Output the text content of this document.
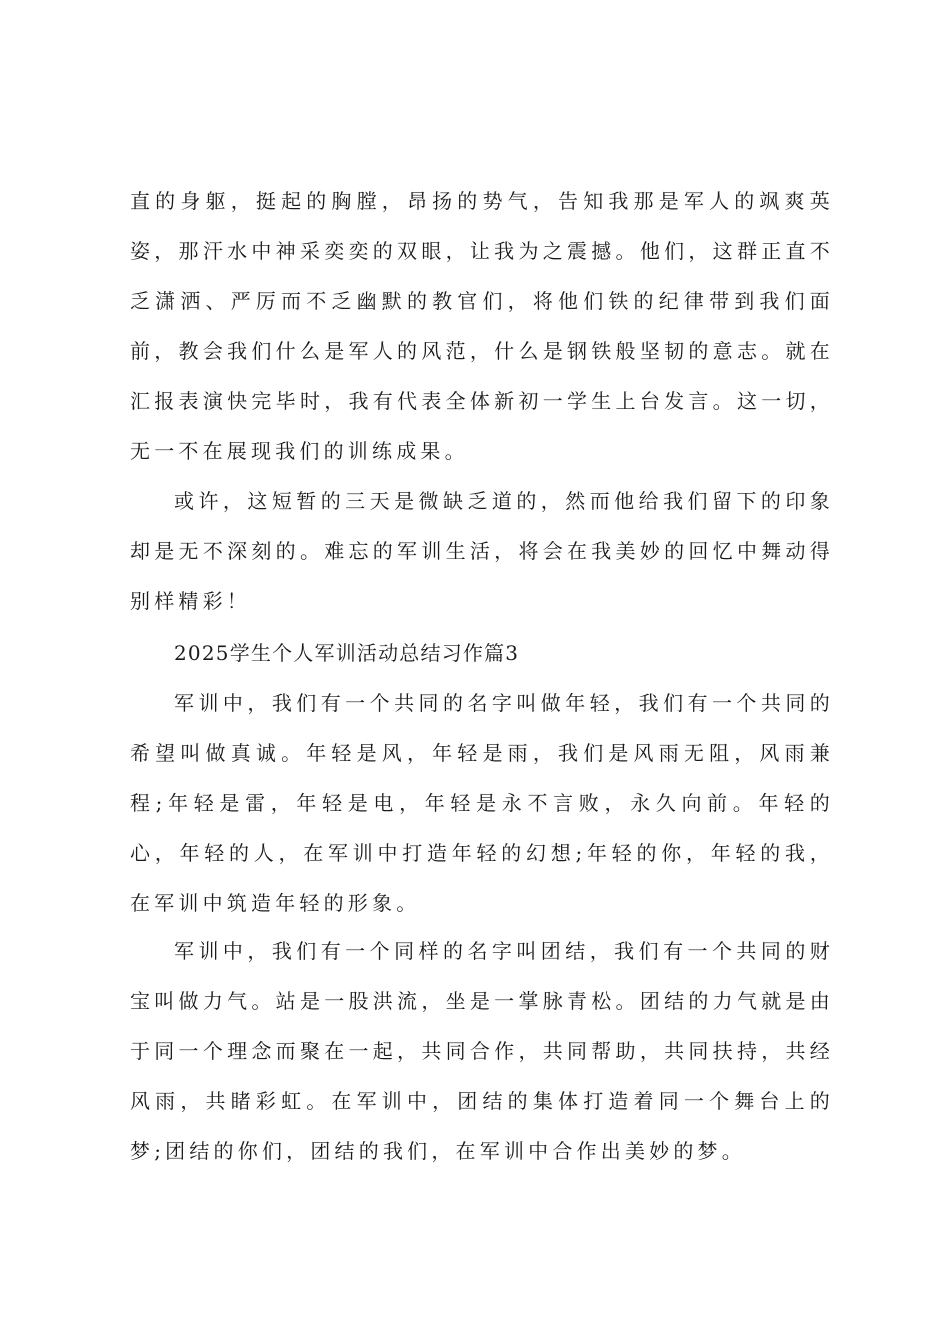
直的身躯，挺起的胸膛，昂扬的势气，告知我那是军人的飒爽英姿，那汗水中神采奕奕的双眼，让我为之震撼。他们，这群正直不乏潇洒、严厉而不乏幽默的教官们，将他们铁的纪律带到我们面前，教会我们什么是军人的风范，什么是钢铁般坚韧的意志。就在汇报表演快完毕时，我有代表全体新初一学生上台发言。这一切，无一不在展现我们的训练成果。

或许，这短暂的三天是微缺乏道的，然而他给我们留下的印象却是无不深刻的。难忘的军训生活，将会在我美妙的回忆中舞动得别样精彩！

2025学生个人军训活动总结习作篇3

军训中，我们有一个共同的名字叫做年轻，我们有一个共同的希望叫做真诚。年轻是风，年轻是雨，我们是风雨无阻，风雨兼程;年轻是雷，年轻是电，年轻是永不言败，永久向前。年轻的心，年轻的人，在军训中打造年轻的幻想;年轻的你，年轻的我，在军训中筑造年轻的形象。

军训中，我们有一个同样的名字叫团结，我们有一个共同的财宝叫做力气。站是一股洪流，坐是一掌脉青松。团结的力气就是由于同一个理念而聚在一起，共同合作，共同帮助，共同扶持，共经风雨，共睹彩虹。在军训中，团结的集体打造着同一个舞台上的梦;团结的你们，团结的我们，在军训中合作出美妙的梦。
